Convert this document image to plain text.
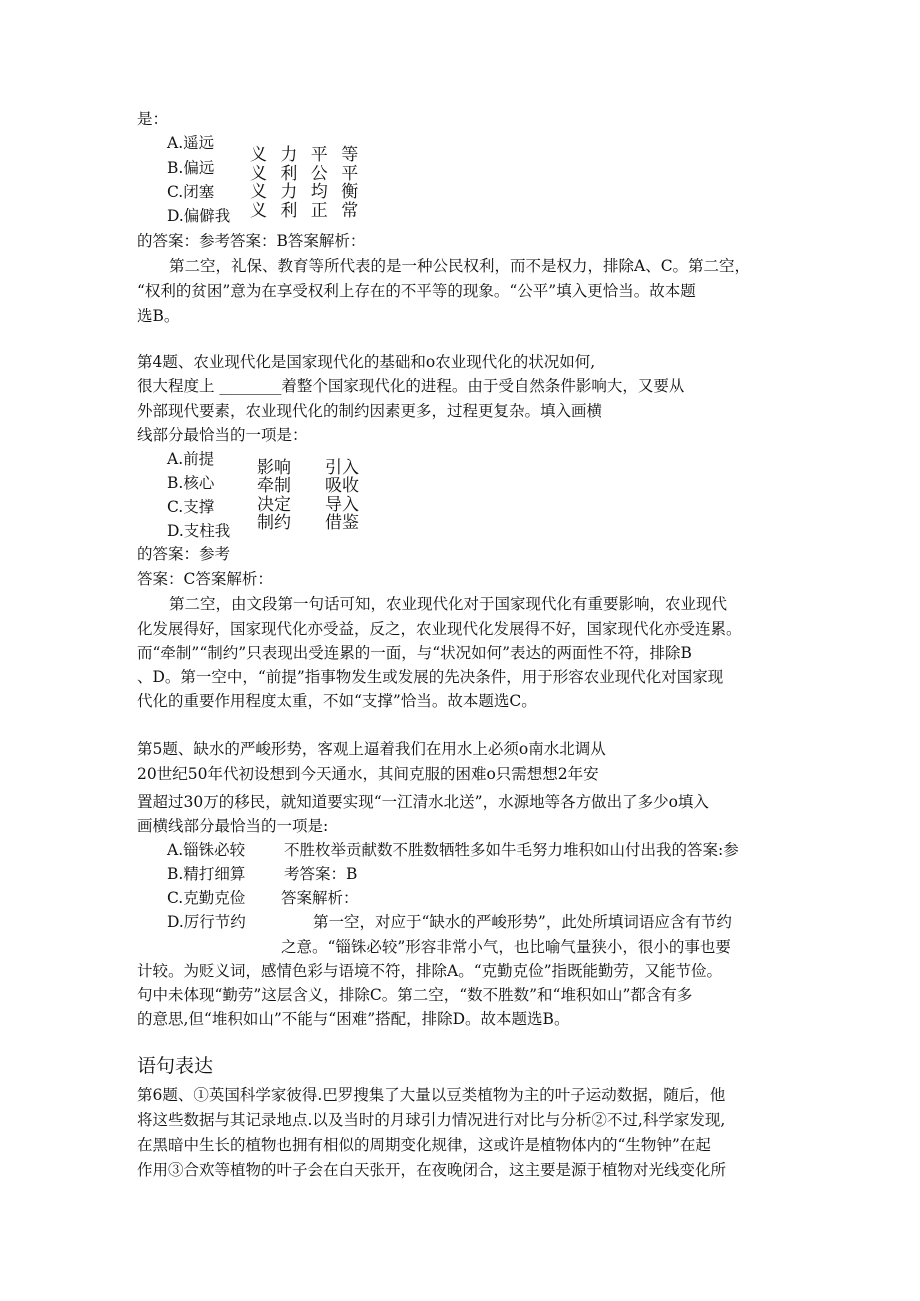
是：
A.遥远
B.偏远
C.闭塞
D.偏僻我
义 力 平 等
义 利 公 平
义 力 均 衡
义 利 正 常
的答案：参考答案：B答案解析：
第二空，礼保、教育等所代表的是一种公民权利，而不是权力，排除A、C。第二空，
“权利的贫困”意为在享受权利上存在的不平等的现象。“公平”填入更恰当。故本题
选B。
第4题、农业现代化是国家现代化的基础和o农业现代化的状况如何,
很大程度上 ________着整个国家现代化的进程。由于受自然条件影响大，又要从
外部现代要素，农业现代化的制约因素更多，过程更复杂。填入画横
线部分最恰当的一项是：
A.前提
B.核心
C.支撑
D.支柱我
影响
牵制
决定
制约
引入
吸收
导入
借鉴
的答案：参考
答案：C答案解析：
第二空，由文段第一句话可知，农业现代化对于国家现代化有重要影响，农业现代
化发展得好，国家现代化亦受益，反之，农业现代化发展得不好，国家现代化亦受连累。
而“牵制”“制约”只表现出受连累的一面，与“状况如何”表达的两面性不符，排除B
、D。第一空中，“前提”指事物发生或发展的先决条件，用于形容农业现代化对国家现
代化的重要作用程度太重，不如“支撑”恰当。故本题选C。
第5题、缺水的严峻形势，客观上逼着我们在用水上必须o南水北调从
20世纪50年代初设想到今天通水，其间克服的困难o只需想想2年安
置超过30万的移民，就知道要实现“一江清水北送”，水源地等各方做出了多少o填入
画横线部分最恰当的一项是:
A.锱铢必较
B.精打细算
C.克勤克俭
D.厉行节约
不胜枚举贡献数不胜数牺牲多如牛毛努力堆积如山付出我的答案:参
考答案：B
答案解析：
第一空，对应于“缺水的严峻形势”，此处所填词语应含有节约
之意。“锱铢必较”形容非常小气，也比喻气量狭小，很小的事也要
计较。为贬义词，感情色彩与语境不符，排除A。“克勤克俭”指既能勤劳，又能节俭。
句中未体现“勤劳”这层含义，排除C。第二空，“数不胜数”和“堆积如山”都含有多
的意思,但“堆积如山”不能与“困难”搭配，排除D。故本题选B。
语句表达
第6题、①英国科学家彼得.巴罗搜集了大量以豆类植物为主的叶子运动数据，随后，他
将这些数据与其记录地点.以及当时的月球引力情况进行对比与分析②不过,科学家发现,
在黑暗中生长的植物也拥有相似的周期变化规律，这或许是植物体内的“生物钟”在起
作用③合欢等植物的叶子会在白天张开，在夜晚闭合，这主要是源于植物对光线变化所
